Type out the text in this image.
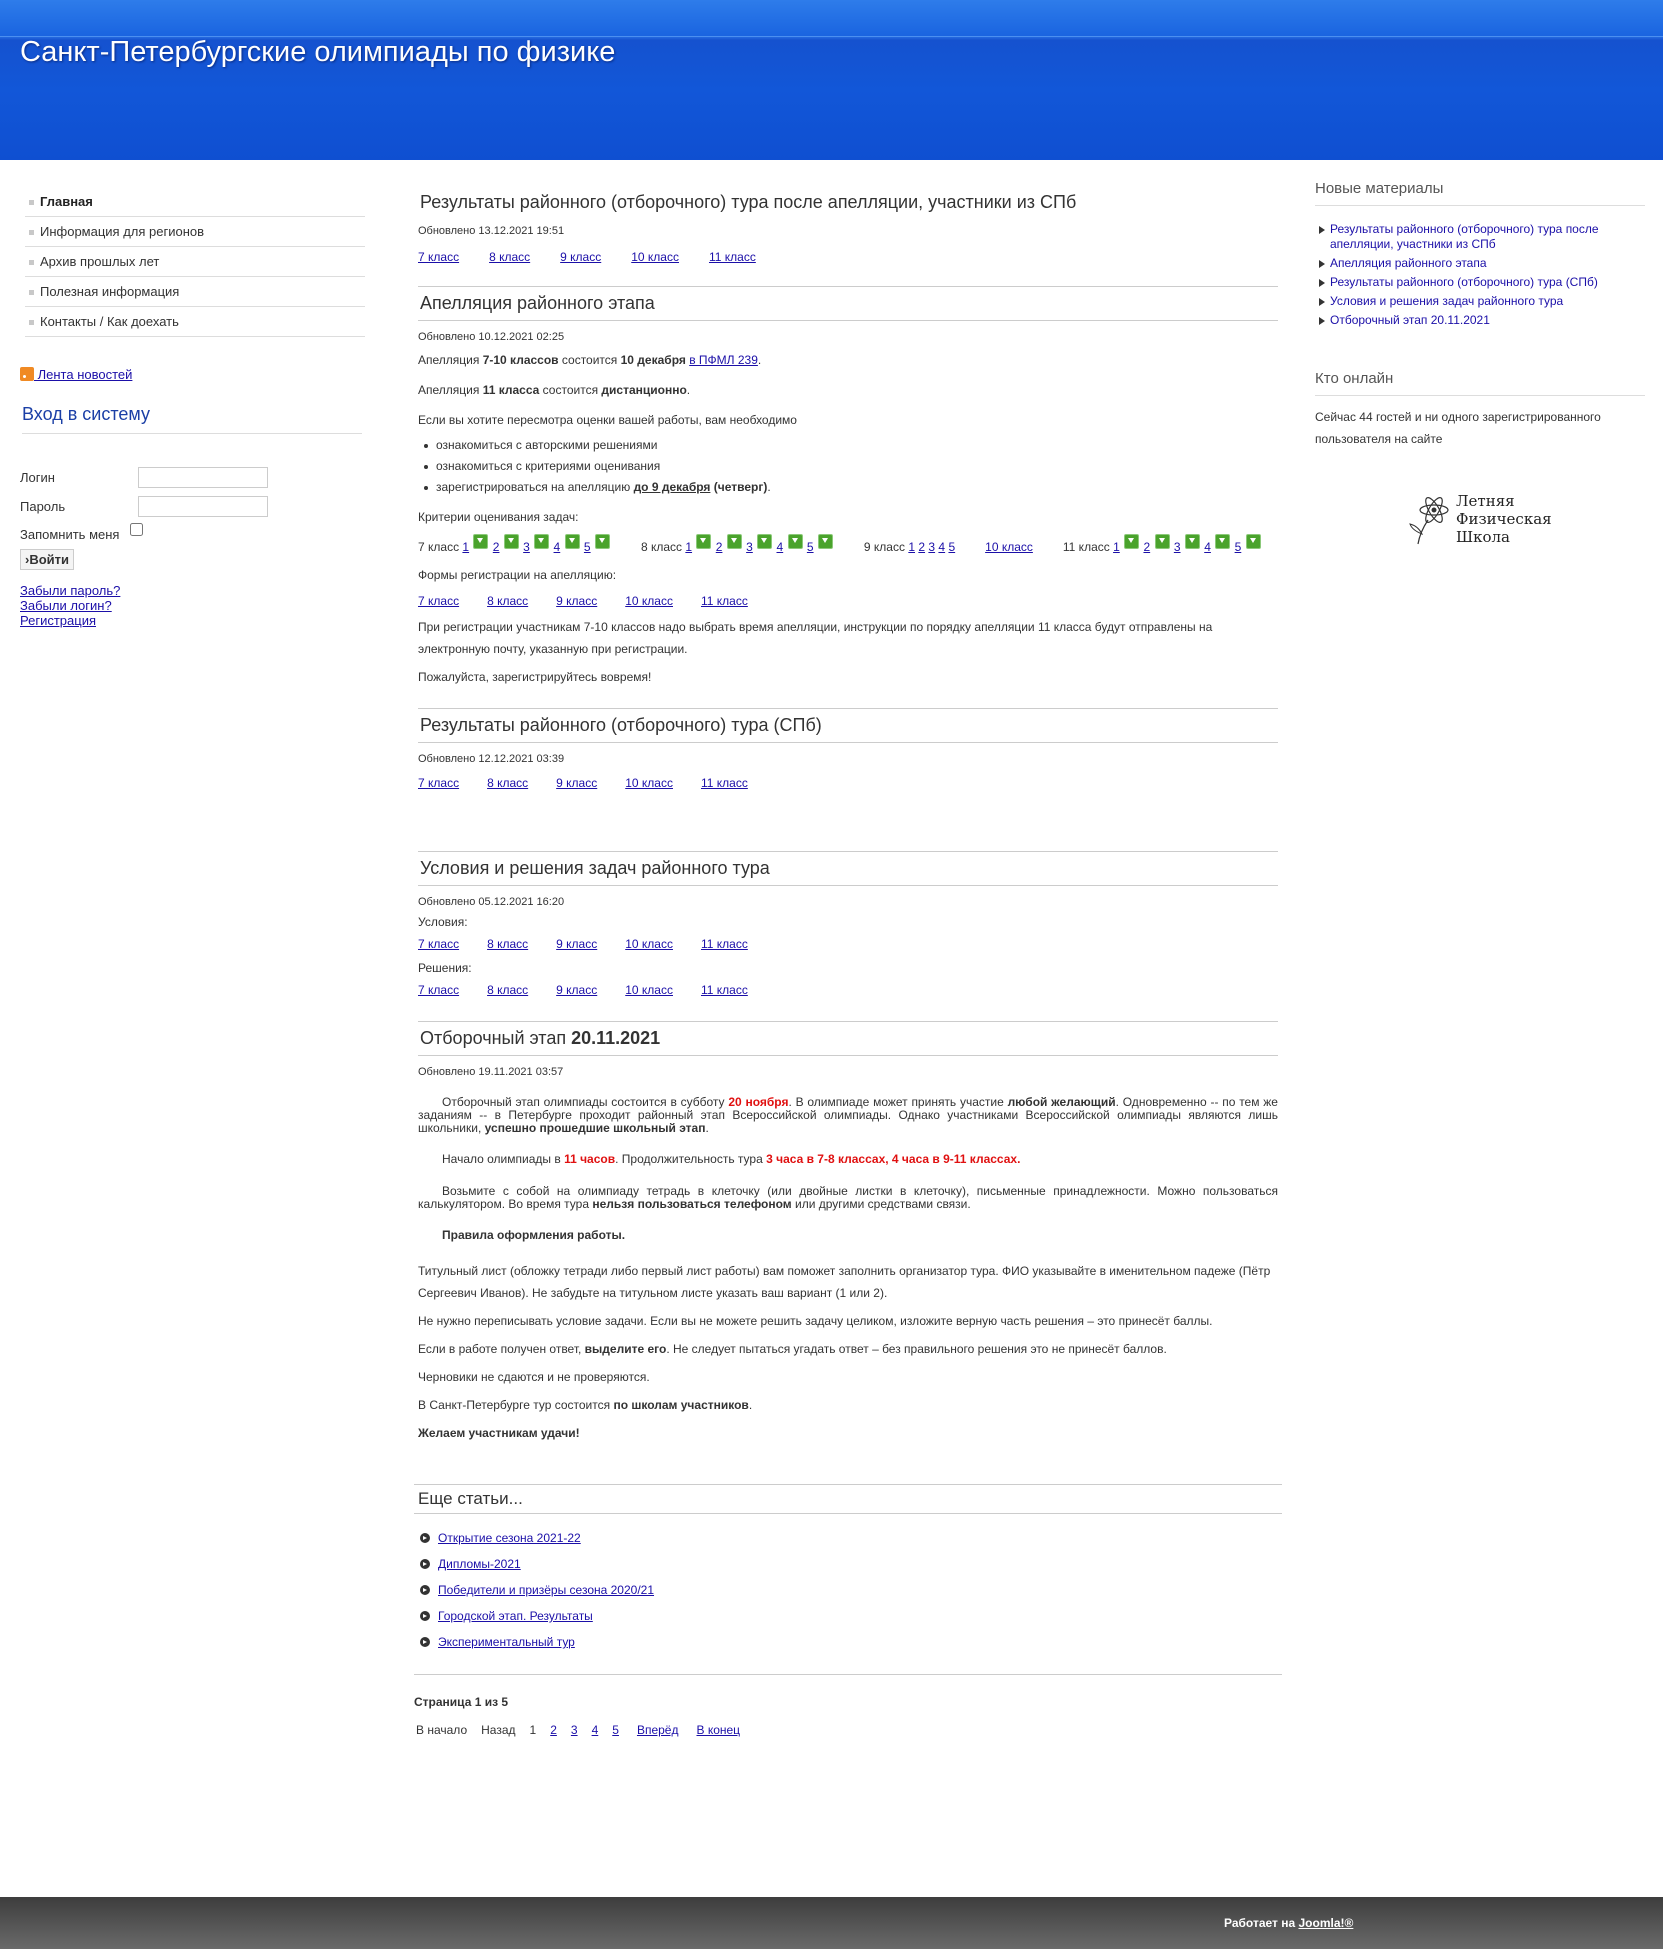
Санкт-Петербургские олимпиады по физике
Главная
Информация для регионов
Архив прошлых лет
Полезная информация
Контакты / Как доехать
Лента новостей
Вход в систему
Логин
Пароль
Запомнить меня
›Войти
Забыли пароль?
Забыли логин?
Регистрация
Результаты районного (отборочного) тура после апелляции, участники из СПб
Обновлено 13.12.2021 19:51
7 класс	8 класс	9 класс	10 класс	11 класс
Апелляция районного этапа
Обновлено 10.12.2021 02:25
Апелляция 7-10 классов состоится 10 декабря в ПФМЛ 239.
Апелляция 11 класса состоится дистанционно.
Если вы хотите пересмотра оценки вашей работы, вам необходимо
ознакомиться с авторскими решениями
ознакомиться с критериями оценивания
зарегистрироваться на апелляцию до 9 декабря (четверг).
Критерии оценивания задач:
7 класс 1 2 3 4 5	8 класс 1 2 3 4 5	9 класс 1 2 3 4 5	10 класс	11 класс 1 2 3 4 5
Формы регистрации на апелляцию:
7 класс 8 класс 9 класс 10 класс 11 класс
При регистрации участникам 7-10 классов надо выбрать время апелляции, инструкции по порядку апелляции 11 класса будут отправлены на электронную почту, указанную при регистрации.
Пожалуйста, зарегистрируйтесь вовремя!
Результаты районного (отборочного) тура (СПб)
Обновлено 12.12.2021 03:39
7 класс 8 класс 9 класс 10 класс 11 класс
Условия и решения задач районного тура
Обновлено 05.12.2021 16:20
Условия:
7 класс 8 класс 9 класс 10 класс 11 класс
Решения:
7 класс 8 класс 9 класс 10 класс 11 класс
Отборочный этап 20.11.2021
Обновлено 19.11.2021 03:57
Отборочный этап олимпиады состоится в субботу 20 ноября. В олимпиаде может принять участие любой желающий. Одновременно -- по тем же заданиям -- в Петербурге проходит районный этап Всероссийской олимпиады. Однако участниками Всероссийской олимпиады являются лишь школьники, успешно прошедшие школьный этап.
Начало олимпиады в 11 часов. Продолжительность тура 3 часа в 7-8 классах, 4 часа в 9-11 классах.
Возьмите с собой на олимпиаду тетрадь в клеточку (или двойные листки в клеточку), письменные принадлежности. Можно пользоваться калькулятором. Во время тура нельзя пользоваться телефоном или другими средствами связи.
Правила оформления работы.
Титульный лист (обложку тетради либо первый лист работы) вам поможет заполнить организатор тура. ФИО указывайте в именительном падеже (Пётр Сергеевич Иванов). Не забудьте на титульном листе указать ваш вариант (1 или 2).
Не нужно переписывать условие задачи. Если вы не можете решить задачу целиком, изложите верную часть решения – это принесёт баллы.
Если в работе получен ответ, выделите его. Не следует пытаться угадать ответ – без правильного решения это не принесёт баллов.
Черновики не сдаются и не проверяются.
В Санкт-Петербурге тур состоится по школам участников.
Желаем участникам удачи!
Еще статьи...
Открытие сезона 2021-22
Дипломы-2021
Победители и призёры сезона 2020/21
Городской этап. Результаты
Экспериментальный тур
Страница 1 из 5
В начало Назад 1 2 3 4 5 Вперёд В конец
Новые материалы
Результаты районного (отборочного) тура после апелляции, участники из СПб
Апелляция районного этапа
Результаты районного (отборочного) тура (СПб)
Условия и решения задач районного тура
Отборочный этап 20.11.2021
Кто онлайн
Сейчас 44 гостей и ни одного зарегистрированного пользователя на сайте
Летняя
Физическая
Школа
Работает на Joomla!®
